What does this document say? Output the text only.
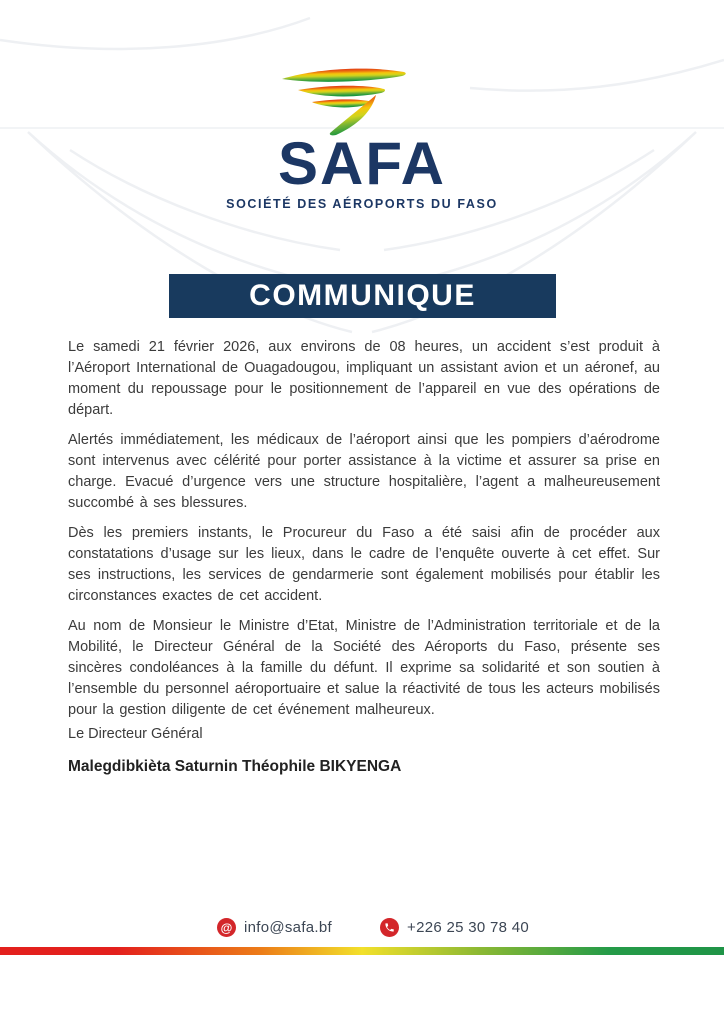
SAFA
SOCIÉTÉ DES AÉROPORTS DU FASO
COMMUNIQUE

Le samedi 21 février 2026, aux environs de 08 heures, un accident s’est produit à l’Aéroport International de Ouagadougou, impliquant un assistant avion et un aéronef, au moment du repoussage pour le positionnement de l’appareil en vue des opérations de départ.

Alertés immédiatement, les médicaux de l’aéroport ainsi que les pompiers d’aérodrome sont intervenus avec célérité pour porter assistance à la victime et assurer sa prise en charge. Evacué d’urgence vers une structure hospitalière, l’agent a malheureusement succombé à ses blessures.

Dès les premiers instants, le Procureur du Faso a été saisi afin de procéder aux constatations d’usage sur les lieux, dans le cadre de l’enquête ouverte à cet effet. Sur ses instructions, les services de gendarmerie sont également mobilisés pour établir les circonstances exactes de cet accident.

Au nom de Monsieur le Ministre d’Etat, Ministre de l’Administration territoriale et de la Mobilité, le Directeur Général de la Société des Aéroports du Faso, présente ses sincères condoléances à la famille du défunt. Il exprime sa solidarité et son soutien à l’ensemble du personnel aéroportuaire et salue la réactivité de tous les acteurs mobilisés pour la gestion diligente de cet événement malheureux.

Le Directeur Général
Malegdibkièta Saturnin Théophile BIKYENGA
@ info@safa.bf	+226 25 30 78 40
